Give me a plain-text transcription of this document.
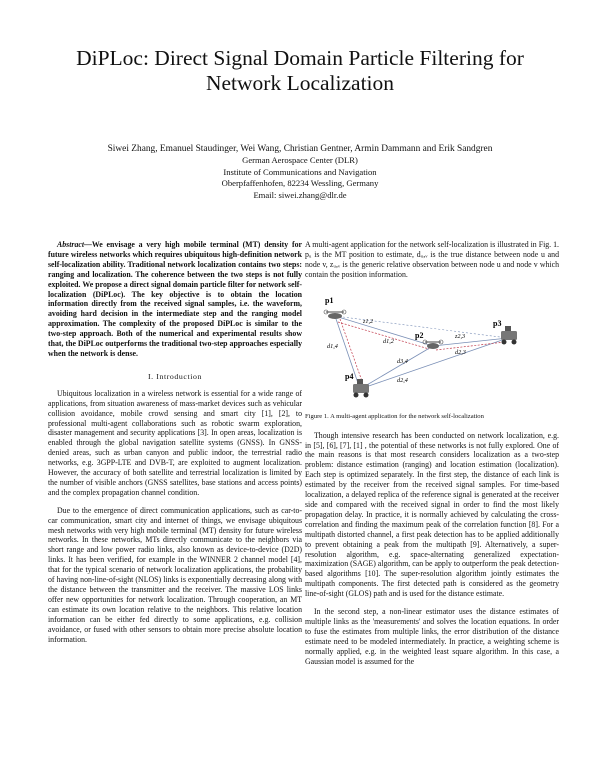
DiPLoc: Direct Signal Domain Particle Filtering for Network Localization
Siwei Zhang, Emanuel Staudinger, Wei Wang, Christian Gentner, Armin Dammann and Erik Sandgren
German Aerospace Center (DLR)
Institute of Communications and Navigation
Oberpfaffenhofen, 82234 Wessling, Germany
Email: siwei.zhang@dlr.de

Abstract—We envisage a very high mobile terminal (MT) density for future wireless networks which requires ubiquitous high-definition network self-localization ability. Traditional network localization contains two steps: ranging and localization. The coherence between the two steps is not fully exploited. We propose a direct signal domain particle filter for network self-localization (DiPLoc). The key objective is to obtain the location information directly from the received signal samples, i.e. the waveform, avoiding hard decision in the intermediate step and the ranging model approximation. The complexity of the proposed DiPLoc is similar to the two-step approach. Both of the numerical and experimental results show that, the DiPLoc outperforms the traditional two-step approaches especially when the network is dense.

I. Introduction

Ubiquitous localization in a wireless network is essential for a wide range of applications, from situation awareness of mass-market devices such as vehicular collision avoidance, mobile crowd sensing and smart city [1], [2], to professional multi-agent collaborations such as robotic swarm exploration, disaster management and security applications [3]. In open areas, localization is enabled through the global navigation satellite systems (GNSS). In GNSS-denied areas, such as urban canyon and public indoor, the terrestrial radio networks, e.g. 3GPP-LTE and DVB-T, are exploited to augment localization. However, the accuracy of both satellite and terrestrial localization is limited by the number of visible anchors (GNSS satellites, base stations and access points) and the complex propagation channel condition.

Due to the emergence of direct communication applications, such as car-to-car communication, smart city and internet of things, we envisage ubiquitous mesh networks with very high mobile terminal (MT) density for future wireless networks. In these networks, MTs directly communicate to the neighbors via short range and low power radio links, also known as device-to-device (D2D) links. It has been verified, for example in the WINNER 2 channel model [4], that for the typical scenario of network localization applications, the probability of having non-line-of-sight (NLOS) links is exponentially decreasing along with the distance between the transmitter and the receiver. The massive LOS links offer new opportunities for network localization. Through cooperation, an MT can estimate its own location relative to the neighbors. This relative location information can be either fed directly to some applications, e.g. collision avoidance, or fused with other sensors to obtain more precise absolute location information.

A multi-agent application for the network self-localization is illustrated in Fig. 1. pᵤ is the MT position to estimate, dᵤ,ᵥ is the true distance between node u and node v, zᵤ,ᵥ is the generic relative observation between node u and node v which contain the position information.

p1
p2
p3
p4
d1,4
z1,2
d1,2
z2,3
d2,3
d3,4
d2,4

Figure 1. A multi-agent application for the network self-localization

Though intensive research has been conducted on network localization, e.g. in [5], [6], [7], [1] , the potential of these networks is not fully explored. One of the main reasons is that most research considers localization as a two-step problem: distance estimation (ranging) and location estimation (localization). Each step is optimized separately. In the first step, the distance of each link is estimated by the receiver from the received signal samples. For time-based localization, a delayed replica of the reference signal is generated at the receiver side and compared with the received signal in order to find the most likely propagation delay. In practice, it is normally achieved by calculating the cross-correlation and finding the maximum peak of the correlation function [8]. For a multipath distorted channel, a first peak detection has to be applied additionally to prevent obtaining a peak from the multipath [9]. Alternatively, a super-resolution algorithm, e.g. space-alternating generalized expectation-maximization (SAGE) algorithm, can be apply to outperform the peak detection-based algorithms [10]. The super-resolution algorithm jointly estimates the multipath components. The first detected path is considered as the geometry line-of-sight (GLOS) path and is used for the distance estimate.

In the second step, a non-linear estimator uses the distance estimates of multiple links as the 'measurements' and solves the location equations. In order to fuse the estimates from multiple links, the error distribution of the distance estimate need to be modeled intermediately. In practice, a weighting scheme is normally applied, e.g. in the weighted least square algorithm. In this case, a Gaussian model is assumed for the
